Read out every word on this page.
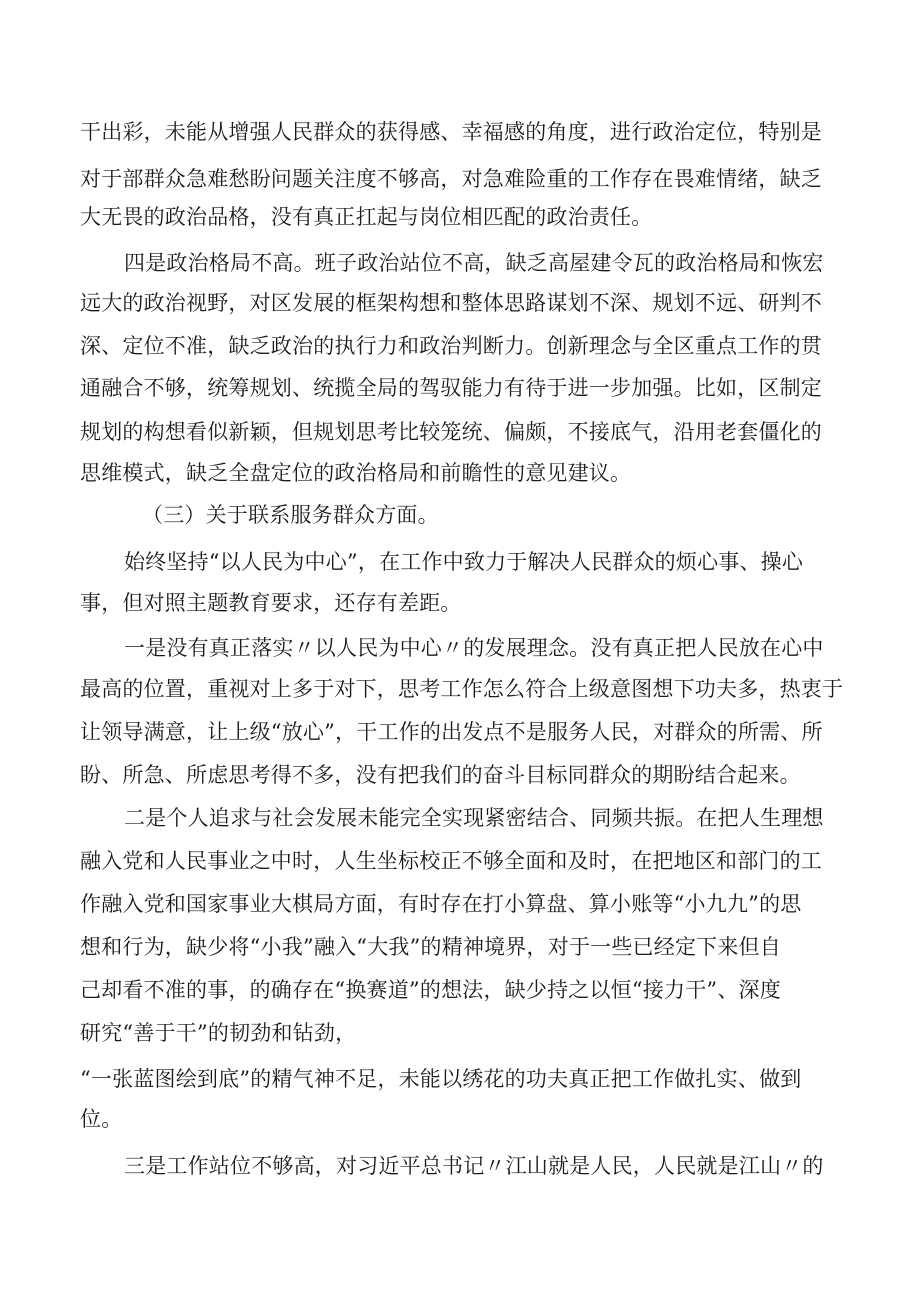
干出彩，未能从增强人民群众的获得感、幸福感的角度，进行政治定位，特别是
对于部群众急难愁盼问题关注度不够高，对急难险重的工作存在畏难情绪，缺乏
大无畏的政治品格，没有真正扛起与岗位相匹配的政治责任。
四是政治格局不高。班子政治站位不高，缺乏高屋建令瓦的政治格局和恢宏
远大的政治视野，对区发展的框架构想和整体思路谋划不深、规划不远、研判不
深、定位不准，缺乏政治的执行力和政治判断力。创新理念与全区重点工作的贯
通融合不够，统筹规划、统揽全局的驾驭能力有待于进一步加强。比如，区制定
规划的构想看似新颖，但规划思考比较笼统、偏颇，不接底气，沿用老套僵化的
思维模式，缺乏全盘定位的政治格局和前瞻性的意见建议。
（三）关于联系服务群众方面。
始终坚持“以人民为中心”，在工作中致力于解决人民群众的烦心事、操心
事，但对照主题教育要求，还存有差距。
一是没有真正落实〃以人民为中心〃的发展理念。没有真正把人民放在心中
最高的位置，重视对上多于对下，思考工作怎么符合上级意图想下功夫多，热衷于
让领导满意，让上级“放心”，干工作的出发点不是服务人民，对群众的所需、所
盼、所急、所虑思考得不多，没有把我们的奋斗目标同群众的期盼结合起来。
二是个人追求与社会发展未能完全实现紧密结合、同频共振。在把人生理想
融入党和人民事业之中时，人生坐标校正不够全面和及时，在把地区和部门的工
作融入党和国家事业大棋局方面，有时存在打小算盘、算小账等“小九九”的思
想和行为，缺少将“小我”融入“大我”的精神境界，对于一些已经定下来但自
己却看不准的事，的确存在“换赛道”的想法，缺少持之以恒“接力干”、深度
研究“善于干”的韧劲和钻劲，
“一张蓝图绘到底”的精气神不足，未能以绣花的功夫真正把工作做扎实、做到
位。
三是工作站位不够高，对习近平总书记〃江山就是人民，人民就是江山〃的
